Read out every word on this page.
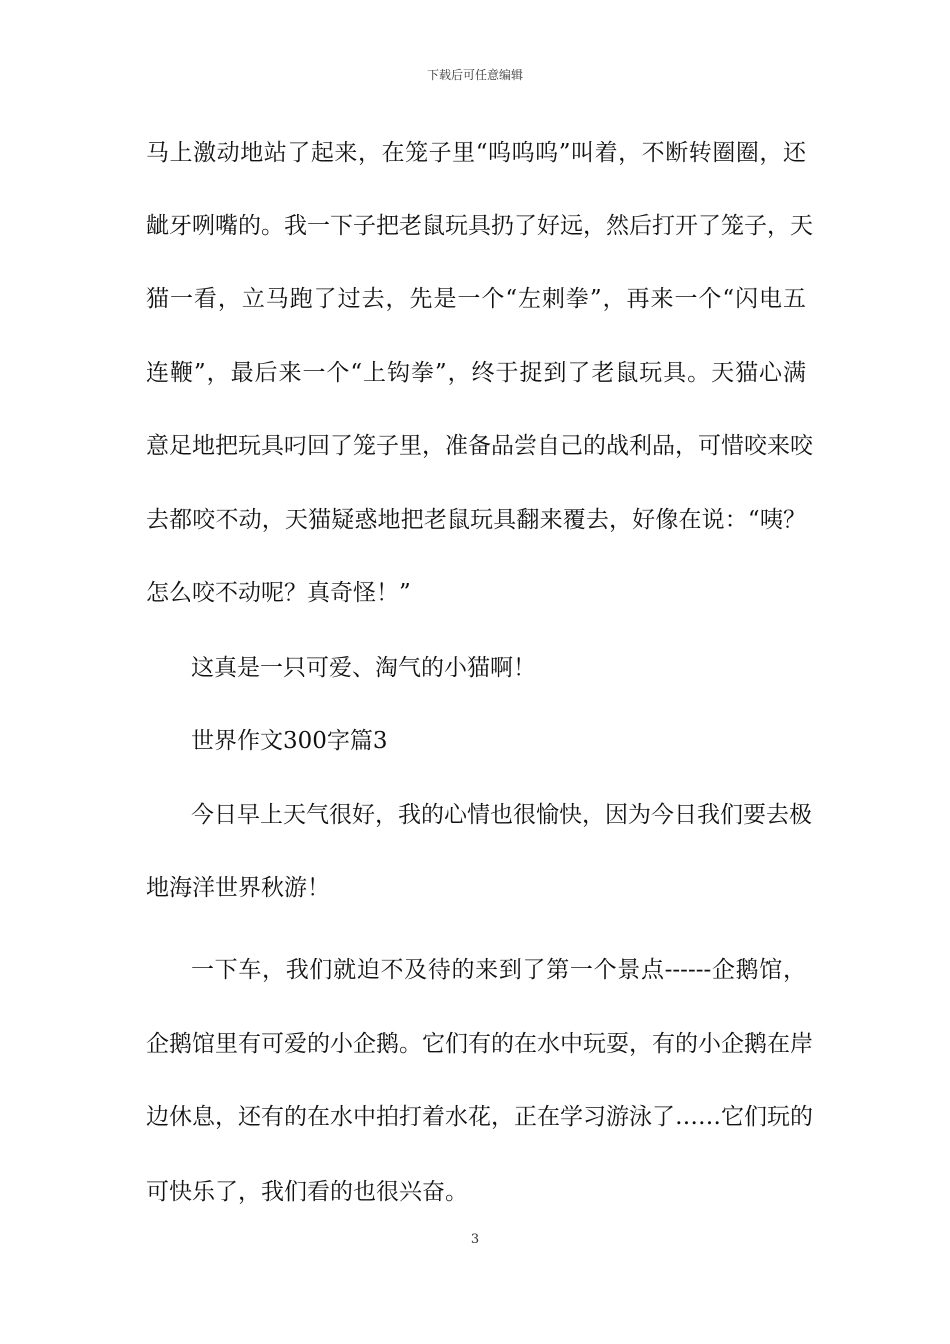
下载后可任意编辑
马上激动地站了起来，在笼子里“呜呜呜”叫着，不断转圈圈，还
龇牙咧嘴的。我一下子把老鼠玩具扔了好远，然后打开了笼子，天
猫一看，立马跑了过去，先是一个“左刺拳”，再来一个“闪电五
连鞭”，最后来一个“上钩拳”，终于捉到了老鼠玩具。天猫心满
意足地把玩具叼回了笼子里，准备品尝自己的战利品，可惜咬来咬
去都咬不动，天猫疑惑地把老鼠玩具翻来覆去，好像在说：“咦？
怎么咬不动呢？真奇怪！”
这真是一只可爱、淘气的小猫啊！
世界作文300字篇3
今日早上天气很好，我的心情也很愉快，因为今日我们要去极
地海洋世界秋游！
一下车，我们就迫不及待的来到了第一个景点------企鹅馆，
企鹅馆里有可爱的小企鹅。它们有的在水中玩耍，有的小企鹅在岸
边休息，还有的在水中拍打着水花，正在学习游泳了……它们玩的
可快乐了，我们看的也很兴奋。
3
